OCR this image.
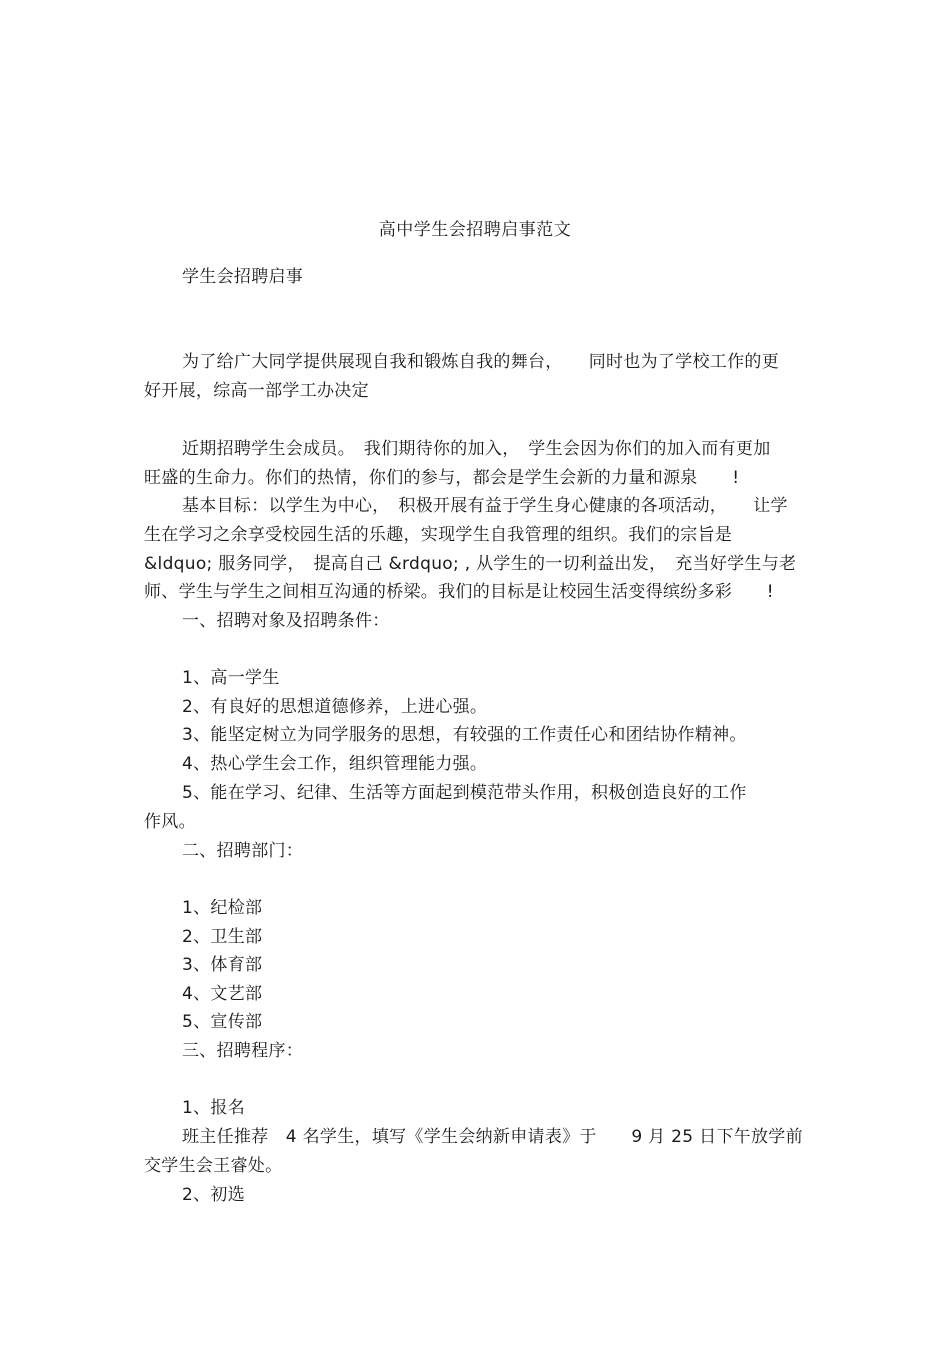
高中学生会招聘启事范文
学生会招聘启事
为了给广大同学提供展现自我和锻炼自我的舞台，　　同时也为了学校工作的更
好开展，综高一部学工办决定
近期招聘学生会成员。　我们期待你的加入，　学生会因为你们的加入而有更加
旺盛的生命力。你们的热情，你们的参与，都会是学生会新的力量和源泉　　!
基本目标：以学生为中心，　积极开展有益于学生身心健康的各项活动，　　让学
生在学习之余享受校园生活的乐趣，实现学生自我管理的组织。我们的宗旨是
&ldquo; 服务同学，　提高自己 &rdquo; , 从学生的一切利益出发，　充当好学生与老
师、学生与学生之间相互沟通的桥梁。我们的目标是让校园生活变得缤纷多彩　　!
一、招聘对象及招聘条件：
1、高一学生
2、有良好的思想道德修养，上进心强。
3、能坚定树立为同学服务的思想，有较强的工作责任心和团结协作精神。
4、热心学生会工作，组织管理能力强。
5、能在学习、纪律、生活等方面起到模范带头作用，积极创造良好的工作
作风。
二、招聘部门：
1、纪检部
2、卫生部
3、体育部
4、文艺部
5、宣传部
三、招聘程序：
1、报名
班主任推荐　4 名学生，填写《学生会纳新申请表》于　　9 月 25 日下午放学前
交学生会王睿处。
2、初选
